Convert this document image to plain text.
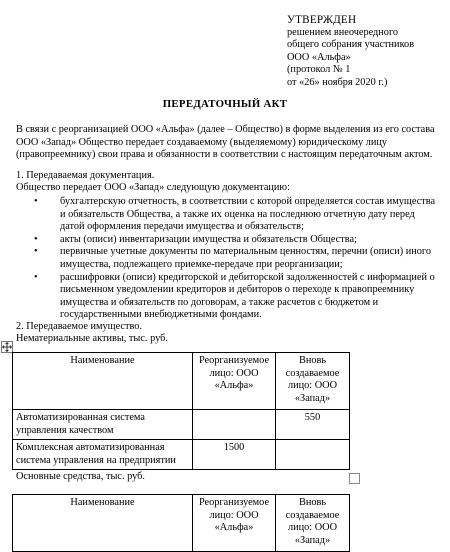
УТВЕРЖДЕН
решением внеочередного
общего собрания участников
ООО «Альфа»
(протокол № 1
от «26» ноября 2020 г.)
ПЕРЕДАТОЧНЫЙ АКТ
В связи с реорганизацией ООО «Альфа» (далее – Общество) в форме выделения из его состава ООО «Запад» Общество передает создаваемому (выделяемому) юридическому лицу (правопреемнику) свои права и обязанности в соответствии с настоящим передаточным актом.
1. Передаваемая документация.
Общество передает ООО «Запад» следующую документацию:
• бухгалтерскую отчетность, в соответствии с которой определяется состав имущества и обязательств Общества, а также их оценка на последнюю отчетную дату перед датой оформления передачи имущества и обязательств;
• акты (описи) инвентаризации имущества и обязательств Общества;
• первичные учетные документы по материальным ценностям, перечни (описи) иного имущества, подлежащего приемке-передаче при реорганизации;
• расшифровки (описи) кредиторской и дебиторской задолженностей с информацией о письменном уведомлении кредиторов и дебиторов о переходе к правопреемнику имущества и обязательств по договорам, а также расчетов с бюджетом и государственными внебюджетными фондами.
2. Передаваемое имущество.
Нематериальные активы, тыс. руб.
Наименование	Реорганизуемое лицо: ООО «Альфа»	Вновь создаваемое лицо: ООО «Запад»
Автоматизированная система управления качеством		550
Комплексная автоматизированная система управления на предприятии	1500	
Основные средства, тыс. руб.
Наименование	Реорганизуемое лицо: ООО «Альфа»	Вновь создаваемое лицо: ООО «Запад»
